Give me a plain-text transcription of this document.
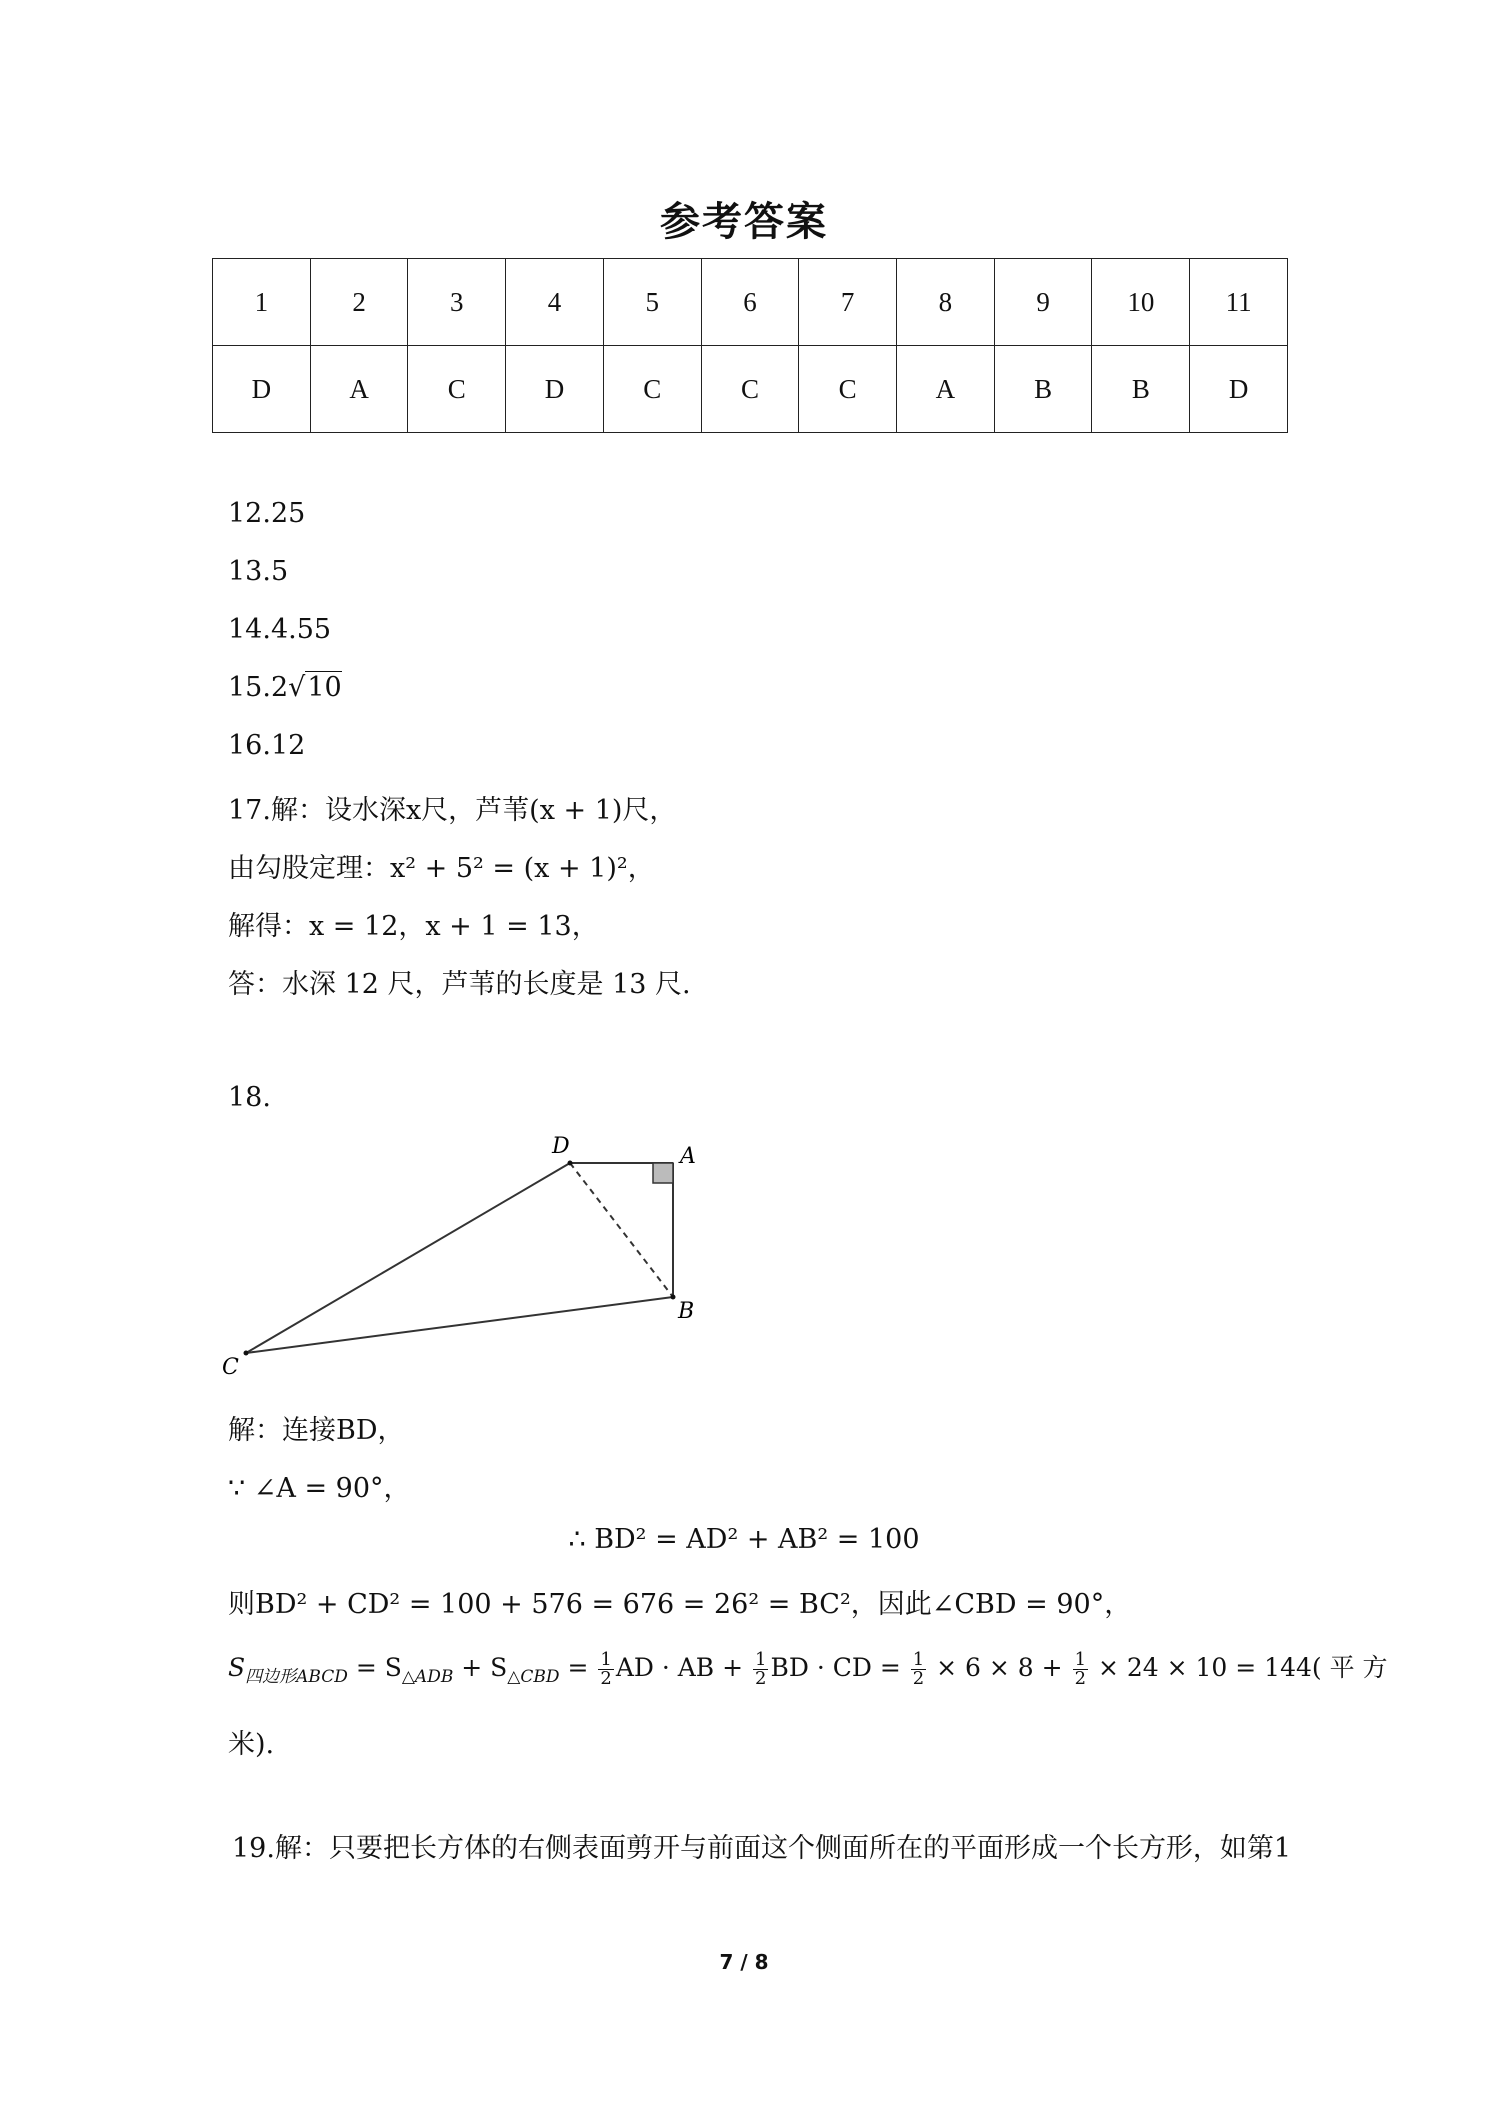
参考答案
1	2	3	4	5	6	7	8	9	10	11
D	A	C	D	C	C	C	A	B	B	D
12.25
13.5
14.4.55
15.2√10
16.12
17.解：设水深x尺，芦苇(x + 1)尺，
由勾股定理：x² + 5² = (x + 1)²，
解得：x = 12，x + 1 = 13，
答：水深 12 尺，芦苇的长度是 13 尺.
18.
D	A
B
C
解：连接BD，
∵ ∠A = 90°，
∴ BD² = AD² + AB² = 100
则BD² + CD² = 100 + 576 = 676 = 26² = BC²，因此∠CBD = 90°，
$S_{四边形ABCD} = S_{\triangle ADB} + S_{\triangle CBD} = \frac{1}{2}$ AD · AB + $\frac{1}{2}$ BD · CD = $\frac{1}{2} \times 6 \times 8 + \frac{1}{2} \times 24 \times 10 = 144$( 平 方
米).
19.解：只要把长方体的右侧表面剪开与前面这个侧面所在的平面形成一个长方形，如第1
7 / 8
